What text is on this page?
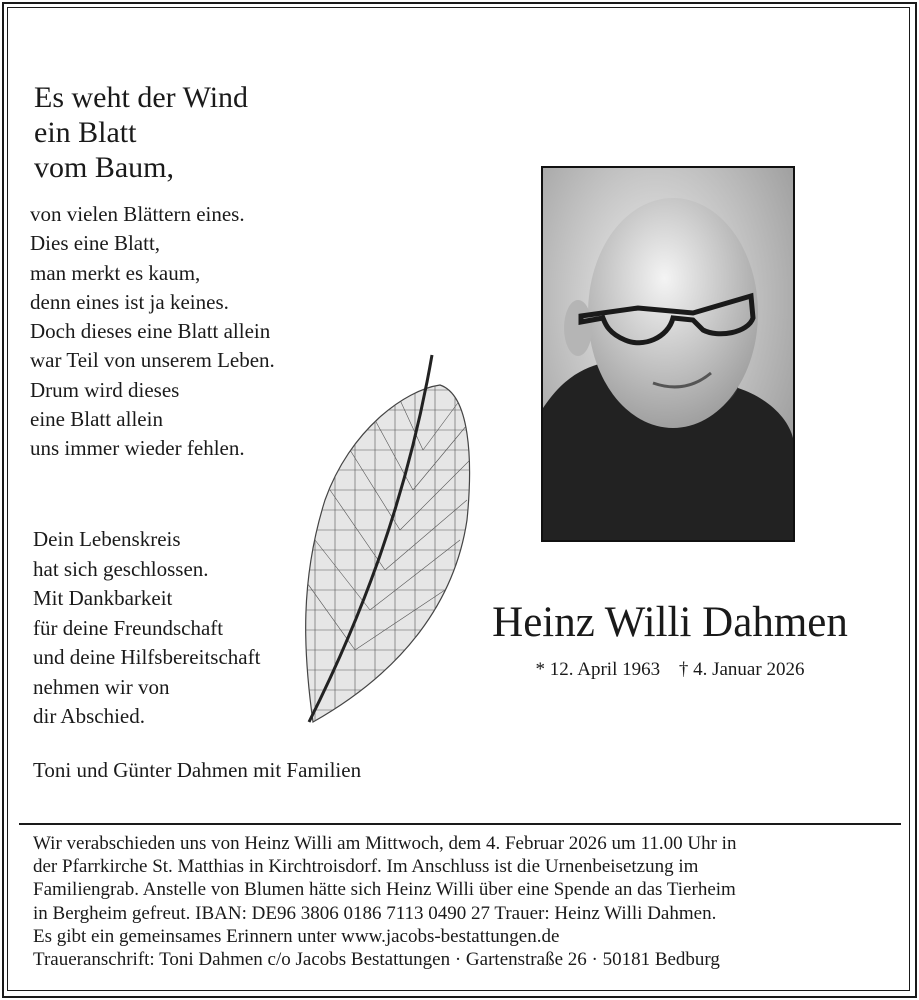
Es weht der Wind
ein Blatt
vom Baum,
von vielen Blättern eines.
Dies eine Blatt,
man merkt es kaum,
denn eines ist ja keines.
Doch dieses eine Blatt allein
war Teil von unserem Leben.
Drum wird dieses
eine Blatt allein
uns immer wieder fehlen.
Dein Lebenskreis
hat sich geschlossen.
Mit Dankbarkeit
für deine Freundschaft
und deine Hilfsbereitschaft
nehmen wir von
dir Abschied.
Toni und Günter Dahmen mit Familien
Heinz Willi Dahmen
* 12. April 1963 † 4. Januar 2026
Wir verabschieden uns von Heinz Willi am Mittwoch, dem 4. Februar 2026 um 11.00 Uhr in
der Pfarrkirche St. Matthias in Kirchtroisdorf. Im Anschluss ist die Urnenbeisetzung im
Familiengrab. Anstelle von Blumen hätte sich Heinz Willi über eine Spende an das Tierheim
in Bergheim gefreut. IBAN: DE96 3806 0186 7113 0490 27 Trauer: Heinz Willi Dahmen.
Es gibt ein gemeinsames Erinnern unter www.jacobs-bestattungen.de
Traueranschrift: Toni Dahmen c/o Jacobs Bestattungen · Gartenstraße 26 · 50181 Bedburg
